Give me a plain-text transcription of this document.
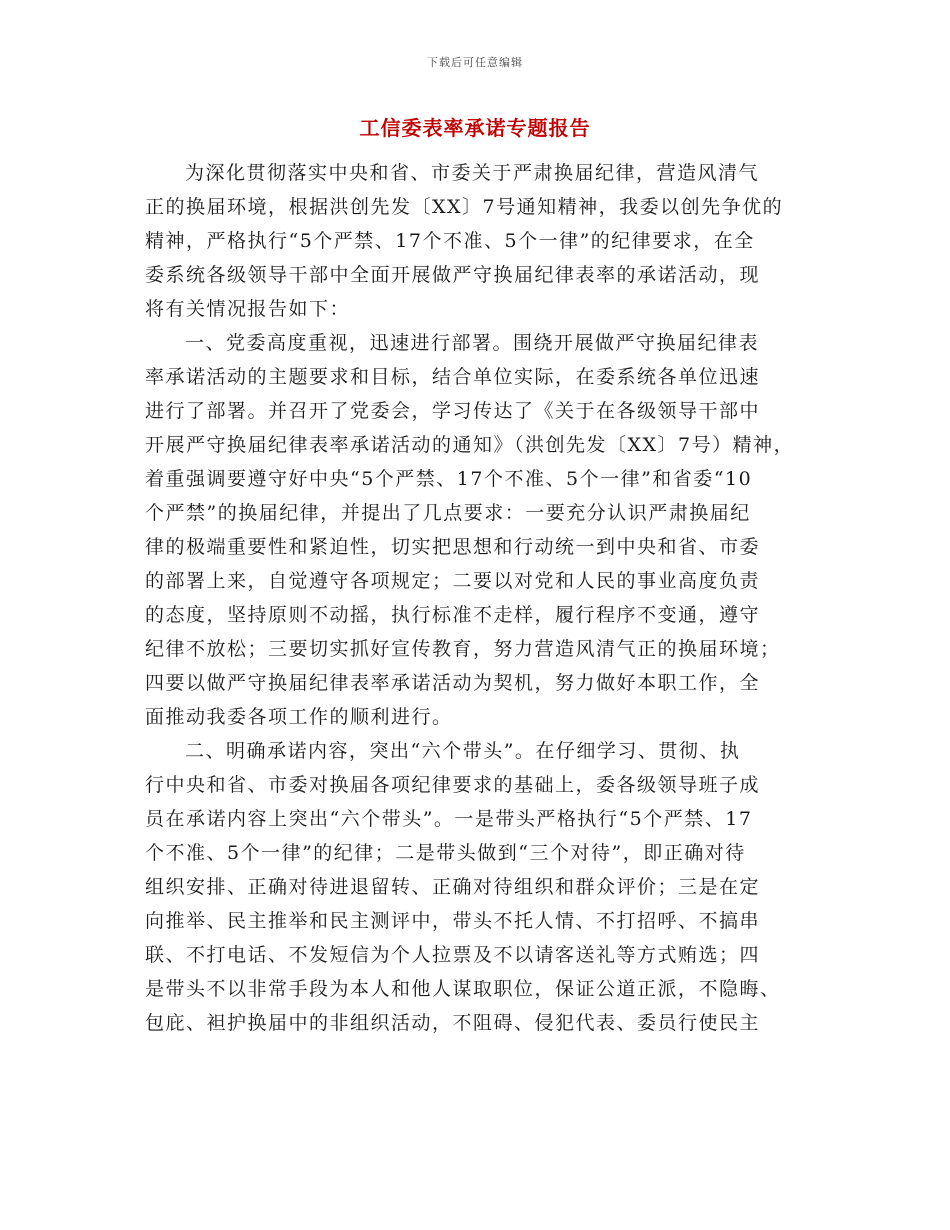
下载后可任意编辑
工信委表率承诺专题报告
为深化贯彻落实中央和省、市委关于严肃换届纪律，营造风清气
正的换届环境，根据洪创先发〔XX〕7号通知精神，我委以创先争优的
精神，严格执行“5个严禁、17个不准、5个一律”的纪律要求，在全
委系统各级领导干部中全面开展做严守换届纪律表率的承诺活动，现
将有关情况报告如下：
一、党委高度重视，迅速进行部署。围绕开展做严守换届纪律表
率承诺活动的主题要求和目标，结合单位实际，在委系统各单位迅速
进行了部署。并召开了党委会，学习传达了《关于在各级领导干部中
开展严守换届纪律表率承诺活动的通知》（洪创先发〔XX〕7号）精神，
着重强调要遵守好中央“5个严禁、17个不准、5个一律”和省委“10
个严禁”的换届纪律，并提出了几点要求：一要充分认识严肃换届纪
律的极端重要性和紧迫性，切实把思想和行动统一到中央和省、市委
的部署上来，自觉遵守各项规定；二要以对党和人民的事业高度负责
的态度，坚持原则不动摇，执行标准不走样，履行程序不变通，遵守
纪律不放松；三要切实抓好宣传教育，努力营造风清气正的换届环境；
四要以做严守换届纪律表率承诺活动为契机，努力做好本职工作，全
面推动我委各项工作的顺利进行。
二、明确承诺内容，突出“六个带头”。在仔细学习、贯彻、执
行中央和省、市委对换届各项纪律要求的基础上，委各级领导班子成
员在承诺内容上突出“六个带头”。一是带头严格执行“5个严禁、17
个不准、5个一律”的纪律；二是带头做到“三个对待”，即正确对待
组织安排、正确对待进退留转、正确对待组织和群众评价；三是在定
向推举、民主推举和民主测评中，带头不托人情、不打招呼、不搞串
联、不打电话、不发短信为个人拉票及不以请客送礼等方式贿选；四
是带头不以非常手段为本人和他人谋取职位，保证公道正派，不隐晦、
包庇、袒护换届中的非组织活动，不阻碍、侵犯代表、委员行使民主
